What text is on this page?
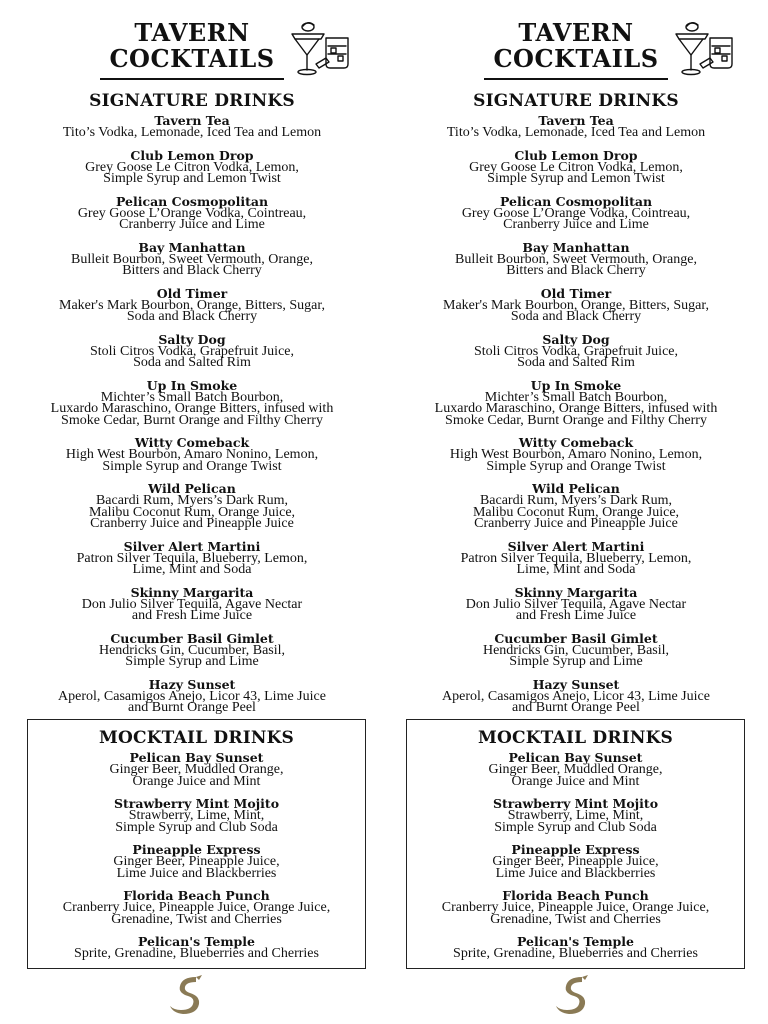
TAVERN
COCKTAILS
SIGNATURE DRINKS
Tavern Tea
Tito’s Vodka, Lemonade, Iced Tea and Lemon
Club Lemon Drop
Grey Goose Le Citron Vodka, Lemon,
Simple Syrup and Lemon Twist
Pelican Cosmopolitan
Grey Goose L’Orange Vodka, Cointreau,
Cranberry Juice and Lime
Bay Manhattan
Bulleit Bourbon, Sweet Vermouth, Orange,
Bitters and Black Cherry
Old Timer
Maker's Mark Bourbon, Orange, Bitters, Sugar,
Soda and Black Cherry
Salty Dog
Stoli Citros Vodka, Grapefruit Juice,
Soda and Salted Rim
Up In Smoke
Michter’s Small Batch Bourbon,
Luxardo Maraschino, Orange Bitters, infused with
Smoke Cedar, Burnt Orange and Filthy Cherry
Witty Comeback
High West Bourbon, Amaro Nonino, Lemon,
Simple Syrup and Orange Twist
Wild Pelican
Bacardi Rum, Myers’s Dark Rum,
Malibu Coconut Rum, Orange Juice,
Cranberry Juice and Pineapple Juice
Silver Alert Martini
Patron Silver Tequila, Blueberry, Lemon,
Lime, Mint and Soda
Skinny Margarita
Don Julio Silver Tequila, Agave Nectar
and Fresh Lime Juice
Cucumber Basil Gimlet
Hendricks Gin, Cucumber, Basil,
Simple Syrup and Lime
Hazy Sunset
Aperol, Casamigos Anejo, Licor 43, Lime Juice
and Burnt Orange Peel
MOCKTAIL DRINKS
Pelican Bay Sunset
Ginger Beer, Muddled Orange,
Orange Juice and Mint
Strawberry Mint Mojito
Strawberry, Lime, Mint,
Simple Syrup and Club Soda
Pineapple Express
Ginger Beer, Pineapple Juice,
Lime Juice and Blackberries
Florida Beach Punch
Cranberry Juice, Pineapple Juice, Orange Juice,
Grenadine, Twist and Cherries
Pelican's Temple
Sprite, Grenadine, Blueberries and Cherries
TAVERN
COCKTAILS
SIGNATURE DRINKS
Tavern Tea
Tito’s Vodka, Lemonade, Iced Tea and Lemon
Club Lemon Drop
Grey Goose Le Citron Vodka, Lemon,
Simple Syrup and Lemon Twist
Pelican Cosmopolitan
Grey Goose L’Orange Vodka, Cointreau,
Cranberry Juice and Lime
Bay Manhattan
Bulleit Bourbon, Sweet Vermouth, Orange,
Bitters and Black Cherry
Old Timer
Maker's Mark Bourbon, Orange, Bitters, Sugar,
Soda and Black Cherry
Salty Dog
Stoli Citros Vodka, Grapefruit Juice,
Soda and Salted Rim
Up In Smoke
Michter’s Small Batch Bourbon,
Luxardo Maraschino, Orange Bitters, infused with
Smoke Cedar, Burnt Orange and Filthy Cherry
Witty Comeback
High West Bourbon, Amaro Nonino, Lemon,
Simple Syrup and Orange Twist
Wild Pelican
Bacardi Rum, Myers’s Dark Rum,
Malibu Coconut Rum, Orange Juice,
Cranberry Juice and Pineapple Juice
Silver Alert Martini
Patron Silver Tequila, Blueberry, Lemon,
Lime, Mint and Soda
Skinny Margarita
Don Julio Silver Tequila, Agave Nectar
and Fresh Lime Juice
Cucumber Basil Gimlet
Hendricks Gin, Cucumber, Basil,
Simple Syrup and Lime
Hazy Sunset
Aperol, Casamigos Anejo, Licor 43, Lime Juice
and Burnt Orange Peel
MOCKTAIL DRINKS
Pelican Bay Sunset
Ginger Beer, Muddled Orange,
Orange Juice and Mint
Strawberry Mint Mojito
Strawberry, Lime, Mint,
Simple Syrup and Club Soda
Pineapple Express
Ginger Beer, Pineapple Juice,
Lime Juice and Blackberries
Florida Beach Punch
Cranberry Juice, Pineapple Juice, Orange Juice,
Grenadine, Twist and Cherries
Pelican's Temple
Sprite, Grenadine, Blueberries and Cherries
